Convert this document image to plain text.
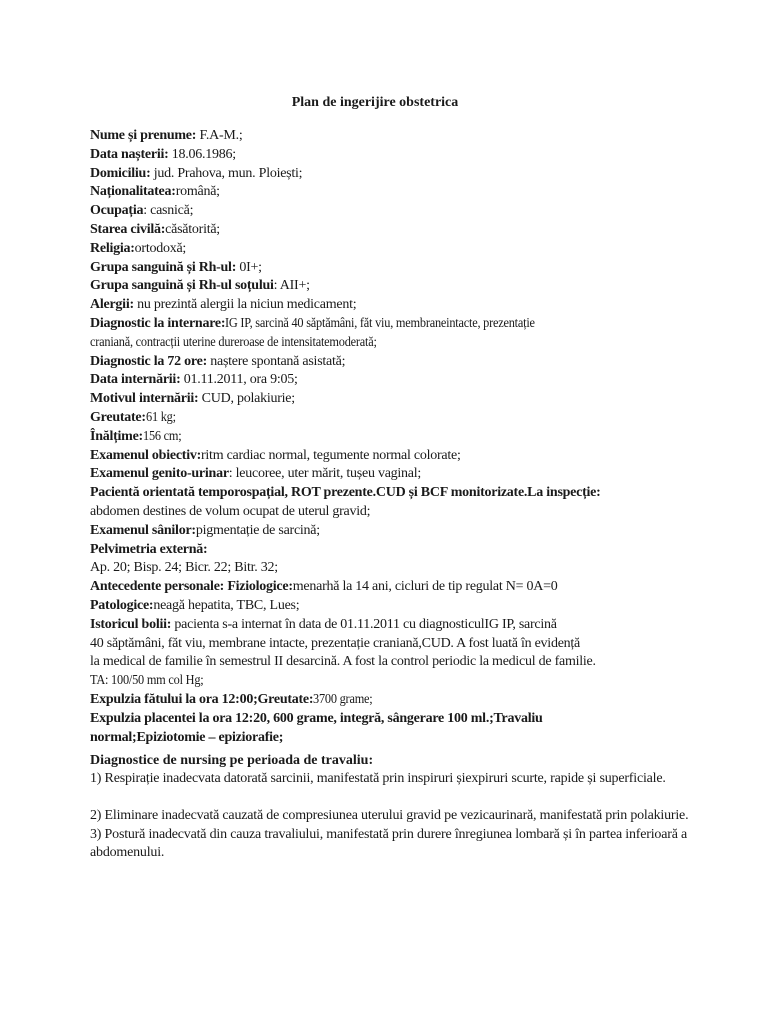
Plan de ingerijire obstetrica
Nume și prenume: F.A-M.;
Data nașterii: 18.06.1986;
Domiciliu: jud. Prahova, mun. Ploiești;
Naționalitatea:română;
Ocupația: casnică;
Starea civilă:căsătorită;
Religia:ortodoxă;
Grupa sanguină și Rh-ul: 0I+;
Grupa sanguină și Rh-ul soțului: AII+;
Alergii: nu prezintă alergii la niciun medicament;
Diagnostic la internare:IG IP, sarcină 40 săptămâni, făt viu, membraneintacte, prezentație
craniană, contracții uterine dureroase de intensitatemoderată;
Diagnostic la 72 ore: naștere spontană asistată;
Data internării: 01.11.2011, ora 9:05;
Motivul internării: CUD, polakiurie;
Greutate:61 kg;
Înălțime:156 cm;
Examenul obiectiv:ritm cardiac normal, tegumente normal colorate;
Examenul genito-urinar: leucoree, uter mărit, tușeu vaginal;
Pacientă orientată temporospațial, ROT prezente.CUD și BCF monitorizate.La inspecție:
abdomen destines de volum ocupat de uterul gravid;
Examenul sânilor:pigmentație de sarcină;
Pelvimetria externă:
Ap. 20; Bisp. 24; Bicr. 22; Bitr. 32;
Antecedente personale: Fiziologice:menarhă la 14 ani, cicluri de tip regulat N= 0A=0
Patologice:neagă hepatita, TBC, Lues;
Istoricul bolii: pacienta s-a internat în data de 01.11.2011 cu diagnosticulIG IP, sarcină
40 săptămâni, făt viu, membrane intacte, prezentație craniană,CUD. A fost luată în evidență
la medical de familie în semestrul II desarcină. A fost la control periodic la medicul de familie.
TA: 100/50 mm col Hg;
Expulzia fătului la ora 12:00;Greutate:3700 grame;
Expulzia placentei la ora 12:20, 600 grame, integră, sângerare 100 ml.;Travaliu
normal;Epiziotomie – epiziorafie;
Diagnostice de nursing pe perioada de travaliu:
1) Respirație inadecvata datorată sarcinii, manifestată prin inspiruri șiexpiruri scurte, rapide și superficiale.
2) Eliminare inadecvată cauzată de compresiunea uterului gravid pe vezicaurinară, manifestată prin polakiurie.
3) Postură inadecvată din cauza travaliului, manifestată prin durere înregiunea lombară și în partea inferioară a abdomenului.
